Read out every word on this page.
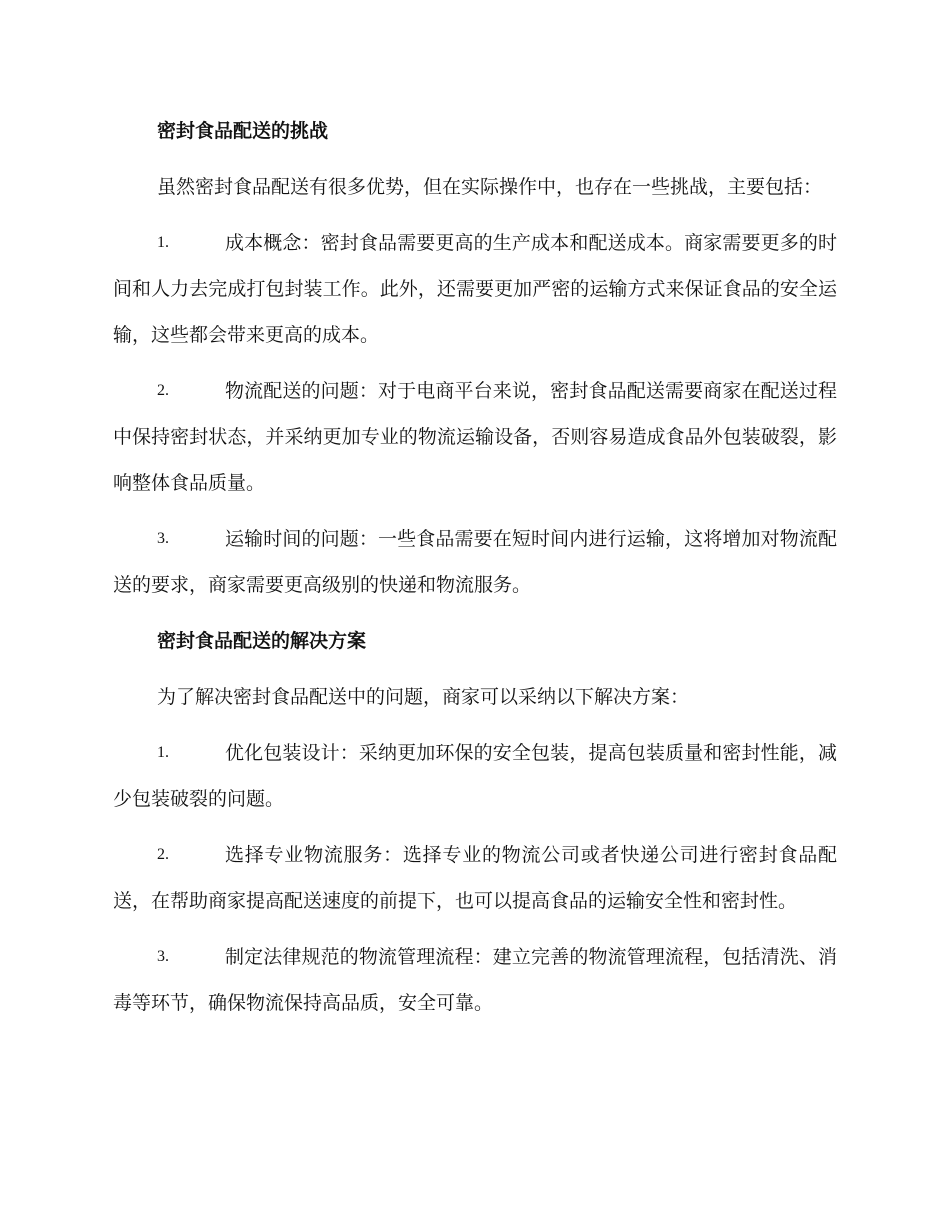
密封食品配送的挑战
虽然密封食品配送有很多优势，但在实际操作中，也存在一些挑战，主要包括：
1.	成本概念：密封食品需要更高的生产成本和配送成本。商家需要更多的时间和人力去完成打包封装工作。此外，还需要更加严密的运输方式来保证食品的安全运输，这些都会带来更高的成本。
2.	物流配送的问题：对于电商平台来说，密封食品配送需要商家在配送过程中保持密封状态，并采纳更加专业的物流运输设备，否则容易造成食品外包装破裂，影响整体食品质量。
3.	运输时间的问题：一些食品需要在短时间内进行运输，这将增加对物流配送的要求，商家需要更高级别的快递和物流服务。
密封食品配送的解决方案
为了解决密封食品配送中的问题，商家可以采纳以下解决方案：
1.	优化包装设计：采纳更加环保的安全包装，提高包装质量和密封性能，减少包装破裂的问题。
2.	选择专业物流服务：选择专业的物流公司或者快递公司进行密封食品配送，在帮助商家提高配送速度的前提下，也可以提高食品的运输安全性和密封性。
3.	制定法律规范的物流管理流程：建立完善的物流管理流程，包括清洗、消毒等环节，确保物流保持高品质，安全可靠。
